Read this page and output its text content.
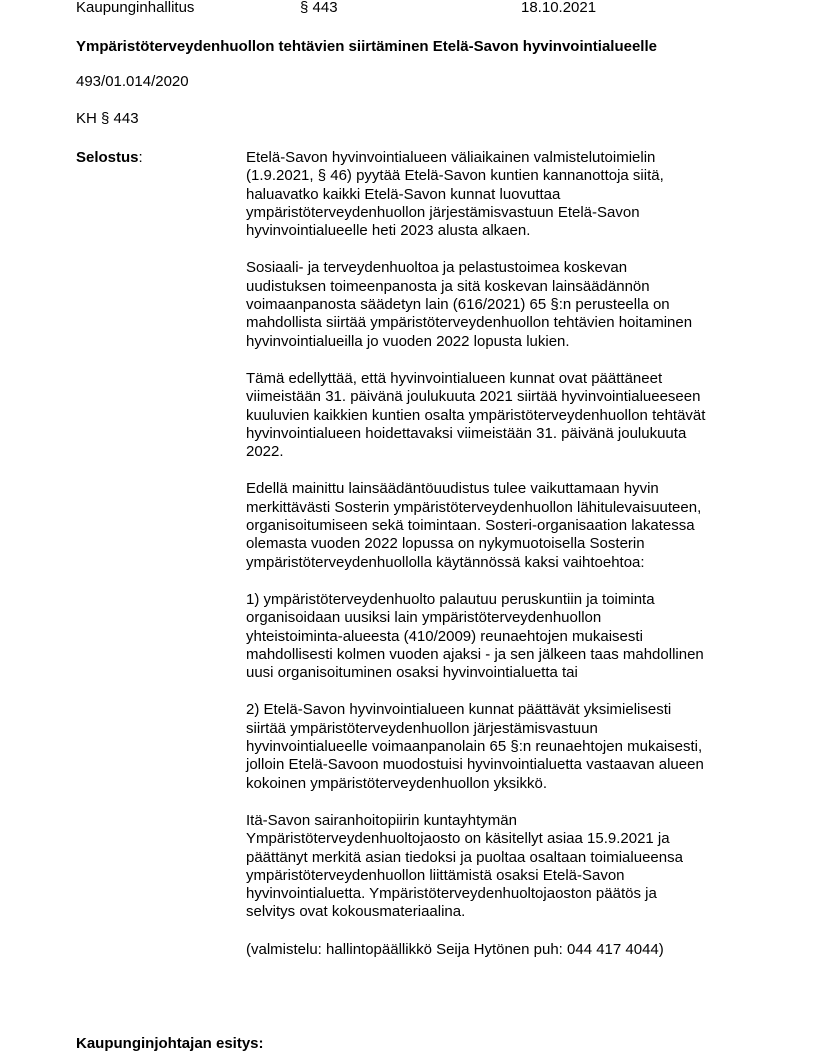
Kaupunginhallitus	§ 443	18.10.2021
Ympäristöterveydenhuollon tehtävien siirtäminen Etelä-Savon hyvinvointialueelle
493/01.014/2020
KH § 443
Selostus:	Etelä-Savon hyvinvointialueen väliaikainen valmistelutoimielin
(1.9.2021, § 46) pyytää Etelä-Savon kuntien kannanottoja siitä,
haluavatko kaikki Etelä-Savon kunnat luovuttaa
ympäristöterveydenhuollon järjestämisvastuun Etelä-Savon
hyvinvointialueelle heti 2023 alusta alkaen.

Sosiaali- ja terveydenhuoltoa ja pelastustoimea koskevan
uudistuksen toimeenpanosta ja sitä koskevan lainsäädännön
voimaanpanosta säädetyn lain (616/2021) 65 §:n perusteella on
mahdollista siirtää ympäristöterveydenhuollon tehtävien hoitaminen
hyvinvointialueilla jo vuoden 2022 lopusta lukien.

Tämä edellyttää, että hyvinvointialueen kunnat ovat päättäneet
viimeistään 31. päivänä joulukuuta 2021 siirtää hyvinvointialueeseen
kuuluvien kaikkien kuntien osalta ympäristöterveydenhuollon tehtävät
hyvinvointialueen hoidettavaksi viimeistään 31. päivänä joulukuuta
2022.

Edellä mainittu lainsäädäntöuudistus tulee vaikuttamaan hyvin
merkittävästi Sosterin ympäristöterveydenhuollon lähitulevaisuuteen,
organisoitumiseen sekä toimintaan. Sosteri-organisaation lakatessa
olemasta vuoden 2022 lopussa on nykymuotoisella Sosterin
ympäristöterveydenhuollolla käytännössä kaksi vaihtoehtoa:

1) ympäristöterveydenhuolto palautuu peruskuntiin ja toiminta
organisoidaan uusiksi lain ympäristöterveydenhuollon
yhteistoiminta-alueesta (410/2009) reunaehtojen mukaisesti
mahdollisesti kolmen vuoden ajaksi - ja sen jälkeen taas mahdollinen
uusi organisoituminen osaksi hyvinvointialuetta tai

2) Etelä-Savon hyvinvointialueen kunnat päättävät yksimielisesti
siirtää ympäristöterveydenhuollon järjestämisvastuun
hyvinvointialueelle voimaanpanolain 65 §:n reunaehtojen mukaisesti,
jolloin Etelä-Savoon muodostuisi hyvinvointialuetta vastaavan alueen
kokoinen ympäristöterveydenhuollon yksikkö.

Itä-Savon sairanhoitopiirin kuntayhtymän
Ympäristöterveydenhuoltojaosto on käsitellyt asiaa 15.9.2021 ja
päättänyt merkitä asian tiedoksi ja puoltaa osaltaan toimialueensa
ympäristöterveydenhuollon liittämistä osaksi Etelä-Savon
hyvinvointialuetta. Ympäristöterveydenhuoltojaoston päätös ja
selvitys ovat kokousmateriaalina.

(valmistelu: hallintopäällikkö Seija Hytönen puh: 044 417 4044)

Kaupunginjohtajan esitys:
